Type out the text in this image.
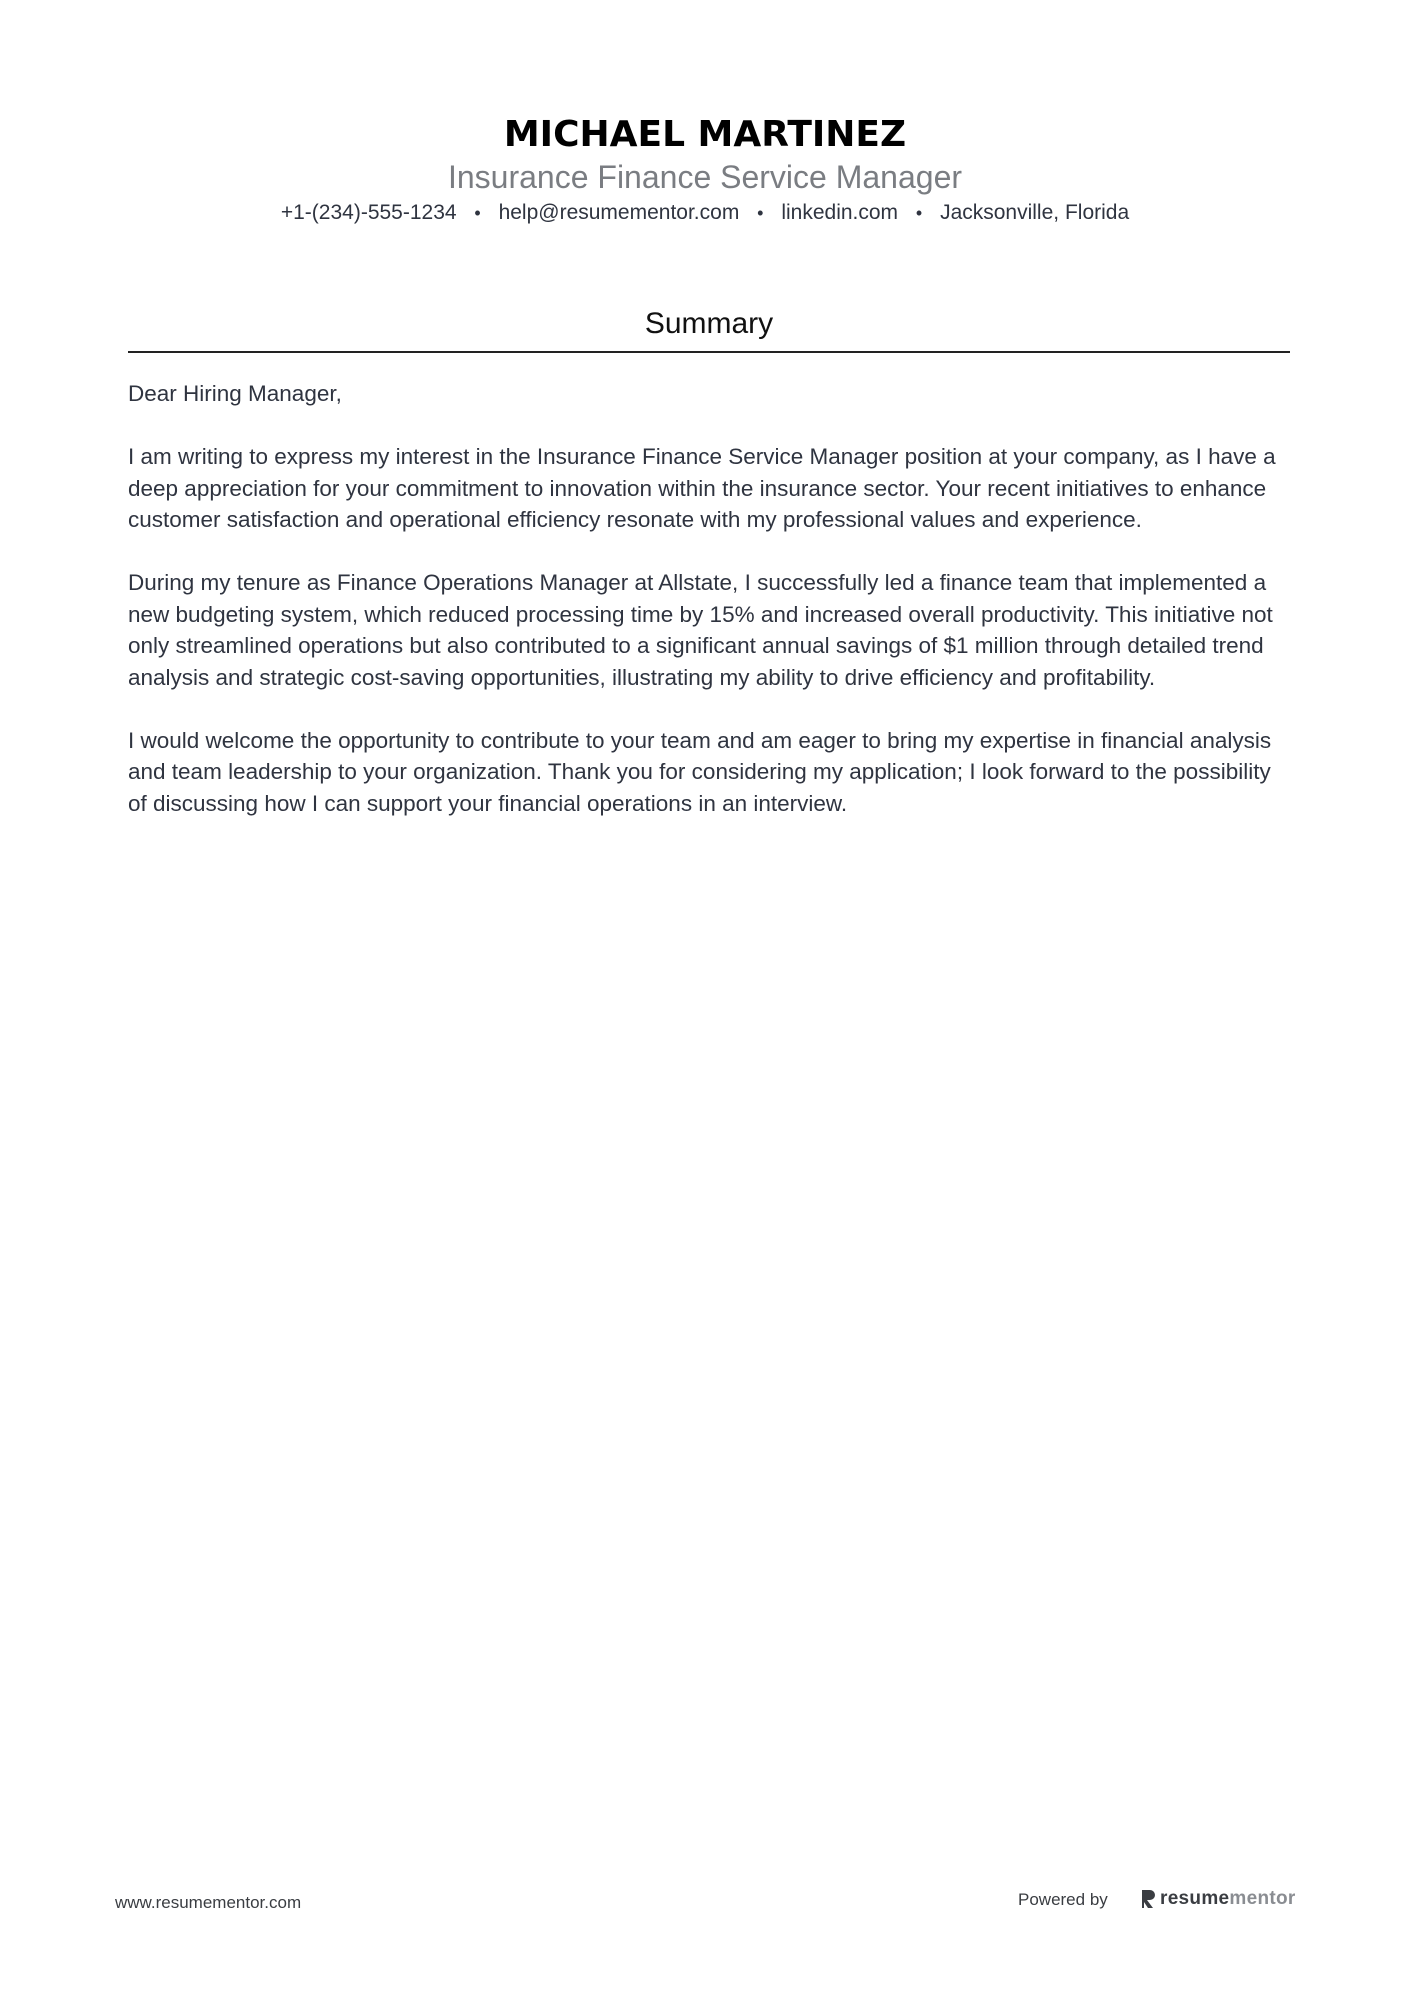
MICHAEL MARTINEZ
Insurance Finance Service Manager
+1-(234)-555-1234 • help@resumementor.com • linkedin.com • Jacksonville, Florida
Summary

Dear Hiring Manager,

I am writing to express my interest in the Insurance Finance Service Manager position at your company, as I have a deep appreciation for your commitment to innovation within the insurance sector. Your recent initiatives to enhance customer satisfaction and operational efficiency resonate with my professional values and experience.

During my tenure as Finance Operations Manager at Allstate, I successfully led a finance team that implemented a new budgeting system, which reduced processing time by 15% and increased overall productivity. This initiative not only streamlined operations but also contributed to a significant annual savings of $1 million through detailed trend analysis and strategic cost-saving opportunities, illustrating my ability to drive efficiency and profitability.

I would welcome the opportunity to contribute to your team and am eager to bring my expertise in financial analysis and team leadership to your organization. Thank you for considering my application; I look forward to the possibility of discussing how I can support your financial operations in an interview.

www.resumementor.com	Powered by	resumementor
